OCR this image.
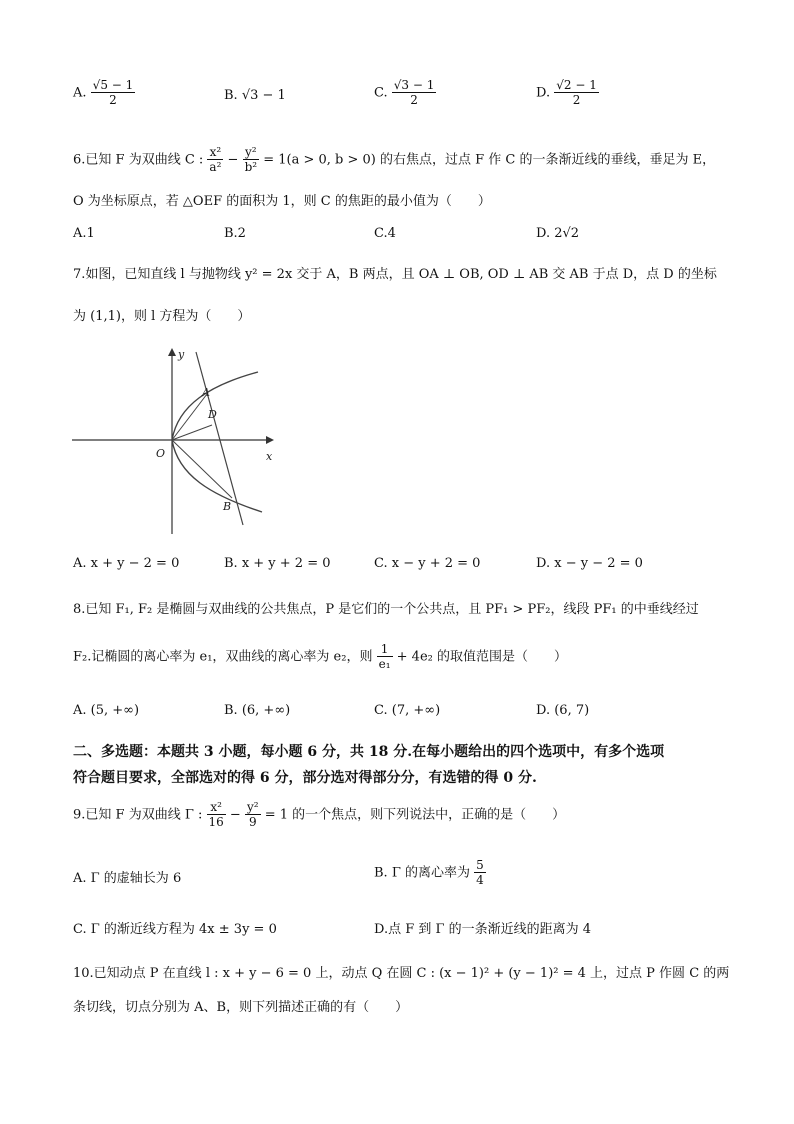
A. $\frac{√5 - 1}{2}$	B. √3 − 1	C. $\frac{√3 - 1}{2}$	D. $\frac{√2 - 1}{2}$
6.已知 F 为双曲线 C : $\frac{\text{x²}}{\text{a²}} - \frac{\text{y²}}{\text{b²}} = 1(a > 0$, b > 0) 的右焦点，过点 F 作 C 的一条渐近线的垂线，垂足为 E，
O 为坐标原点，若 △OEF 的面积为 1，则 C 的焦距的最小值为（　　）
A.1	B.2	C.4	D. 2√2
7.如图，已知直线 l 与抛物线 y² = 2x 交于 A，B 两点，且 OA ⊥ OB, OD ⊥ AB 交 AB 于点 D，点 D 的坐标
为 (1,1)，则 l 方程为（　　）
y
x
O
A
D
B
A. x + y − 2 = 0	B. x + y + 2 = 0	C. x − y + 2 = 0	D. x − y − 2 = 0
8.已知 F₁, F₂ 是椭圆与双曲线的公共焦点，P 是它们的一个公共点，且 PF₁ > PF₂，线段 PF₁ 的中垂线经过
F₂.记椭圆的离心率为 e₁，双曲线的离心率为 e₂，则 $\frac{1}{\text{e₁}} + 4e_2$ 的取值范围是（　　）
A. (5, +∞)	B. (6, +∞)	C. (7, +∞)	D. (6, 7)
二、多选题：本题共 3 小题，每小题 6 分，共 18 分.在每小题给出的四个选项中，有多个选项
符合题目要求，全部选对的得 6 分，部分选对得部分分，有选错的得 0 分.
9.已知 F 为双曲线 Γ : $\frac{\text{x²}}{16} - \frac{\text{y²}}{9} = 1$ 的一个焦点，则下列说法中，正确的是（　　）
A. Γ 的虚轴长为 6	B. Γ 的离心率为 $\frac{5}{4}$
C. Γ 的渐近线方程为 4x ± 3y = 0	D.点 F 到 Γ 的一条渐近线的距离为 4
10.已知动点 P 在直线 l : x + y − 6 = 0 上，动点 Q 在圆 C : (x − 1)² + (y − 1)² = 4 上，过点 P 作圆 C 的两
条切线，切点分别为 A、B，则下列描述正确的有（　　）
